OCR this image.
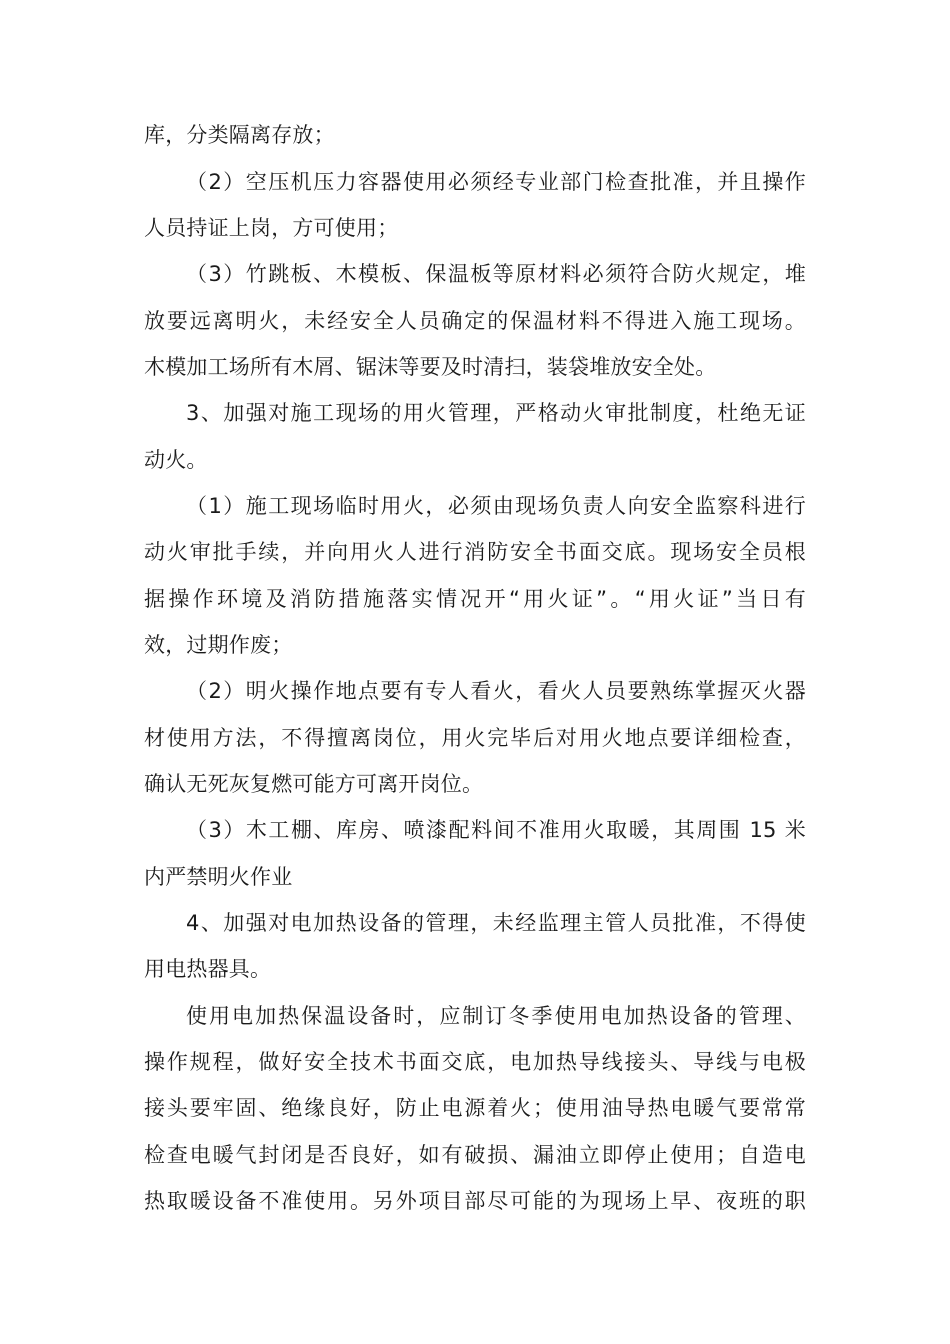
库，分类隔离存放；
（2）空压机压力容器使用必须经专业部门检查批准，并且操作
人员持证上岗，方可使用；
（3）竹跳板、木模板、保温板等原材料必须符合防火规定，堆
放要远离明火，未经安全人员确定的保温材料不得进入施工现场。
木模加工场所有木屑、锯沫等要及时清扫，装袋堆放安全处。
3、加强对施工现场的用火管理，严格动火审批制度，杜绝无证
动火。
（1）施工现场临时用火，必须由现场负责人向安全监察科进行
动火审批手续，并向用火人进行消防安全书面交底。现场安全员根
据操作环境及消防措施落实情况开“用火证”。“用火证”当日有
效，过期作废；
（2）明火操作地点要有专人看火，看火人员要熟练掌握灭火器
材使用方法，不得擅离岗位，用火完毕后对用火地点要详细检查，
确认无死灰复燃可能方可离开岗位。
（3）木工棚、库房、喷漆配料间不准用火取暖，其周围 15 米
内严禁明火作业
4、加强对电加热设备的管理，未经监理主管人员批准，不得使
用电热器具。
使用电加热保温设备时，应制订冬季使用电加热设备的管理、
操作规程，做好安全技术书面交底，电加热导线接头、导线与电极
接头要牢固、绝缘良好，防止电源着火；使用油导热电暖气要常常
检查电暖气封闭是否良好，如有破损、漏油立即停止使用；自造电
热取暖设备不准使用。另外项目部尽可能的为现场上早、夜班的职
